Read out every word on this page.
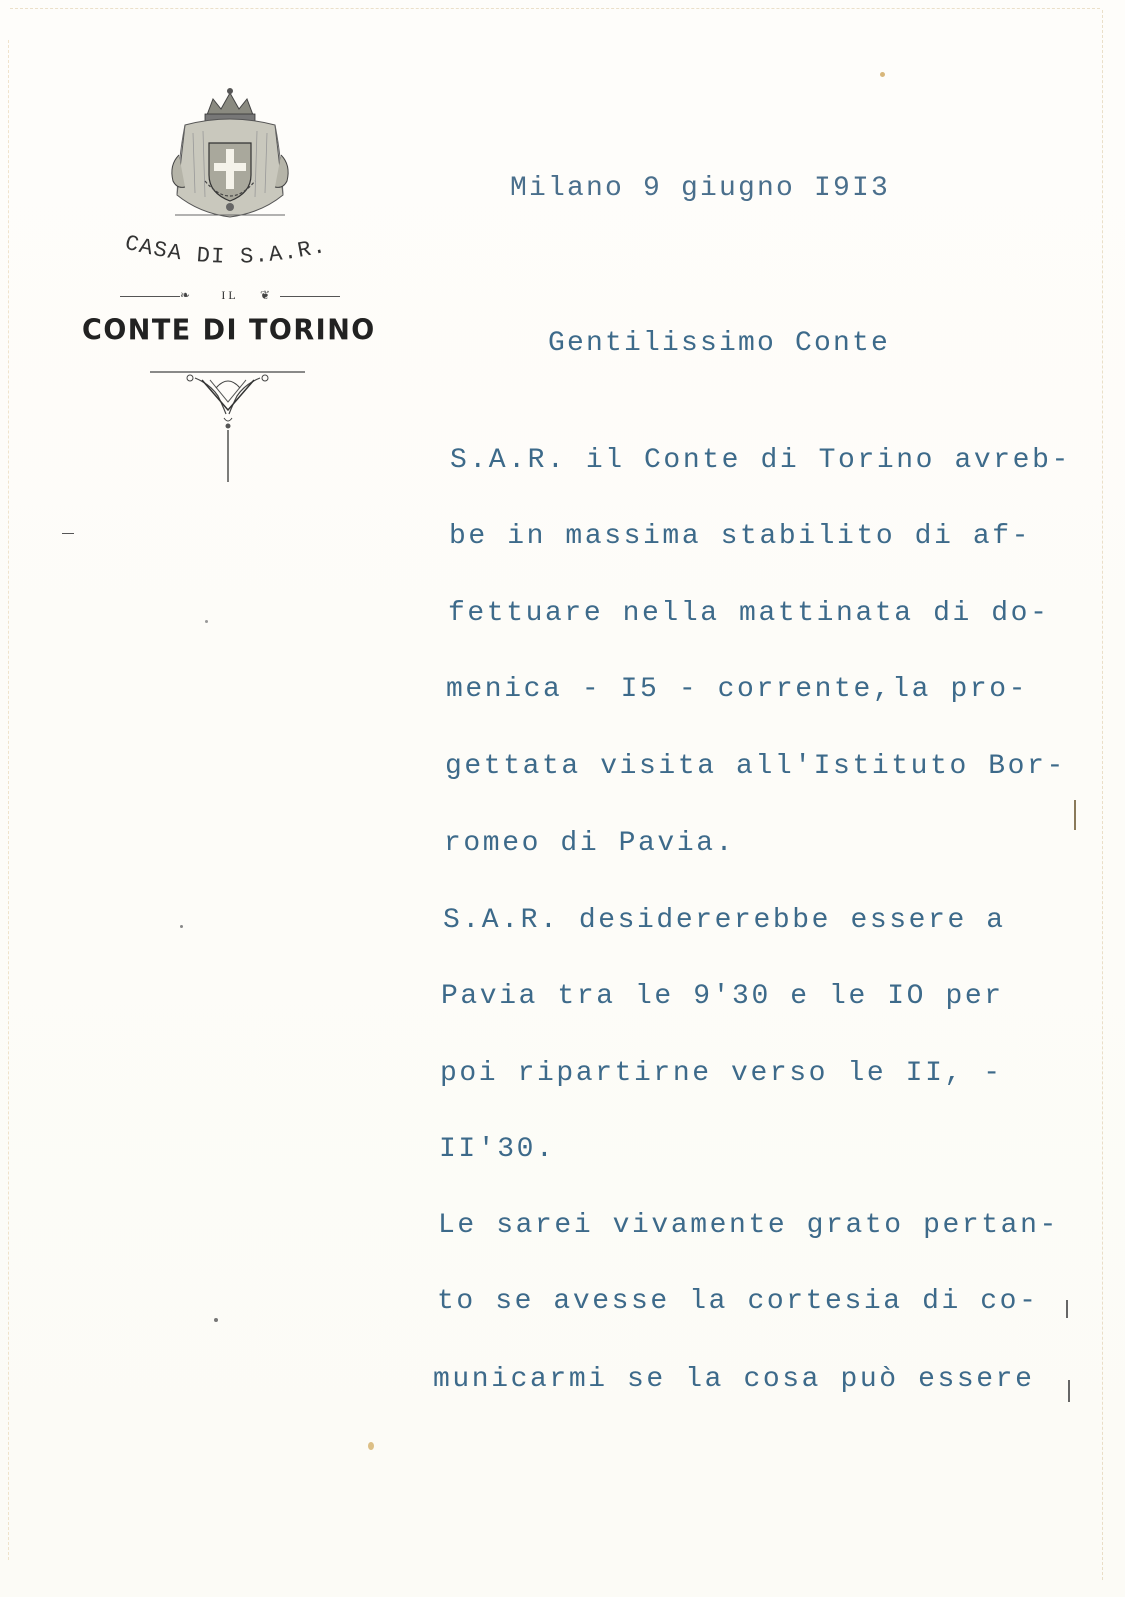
CASA DI S.A.R.
❧	IL	❦
CONTE DI TORINO
Milano 9 giugno I9I3
Gentilissimo Conte
S.A.R. il Conte di Torino avreb-
be in massima stabilito di af-
fettuare nella mattinata di do-
menica - I5 - corrente,la pro-
gettata visita all'Istituto Bor-
romeo di Pavia.
S.A.R. desidererebbe essere a
Pavia tra le 9'30 e le IO per
poi ripartirne verso le II, -
II'30.
Le sarei vivamente grato pertan-
to se avesse la cortesia di co-
municarmi se la cosa può essere
